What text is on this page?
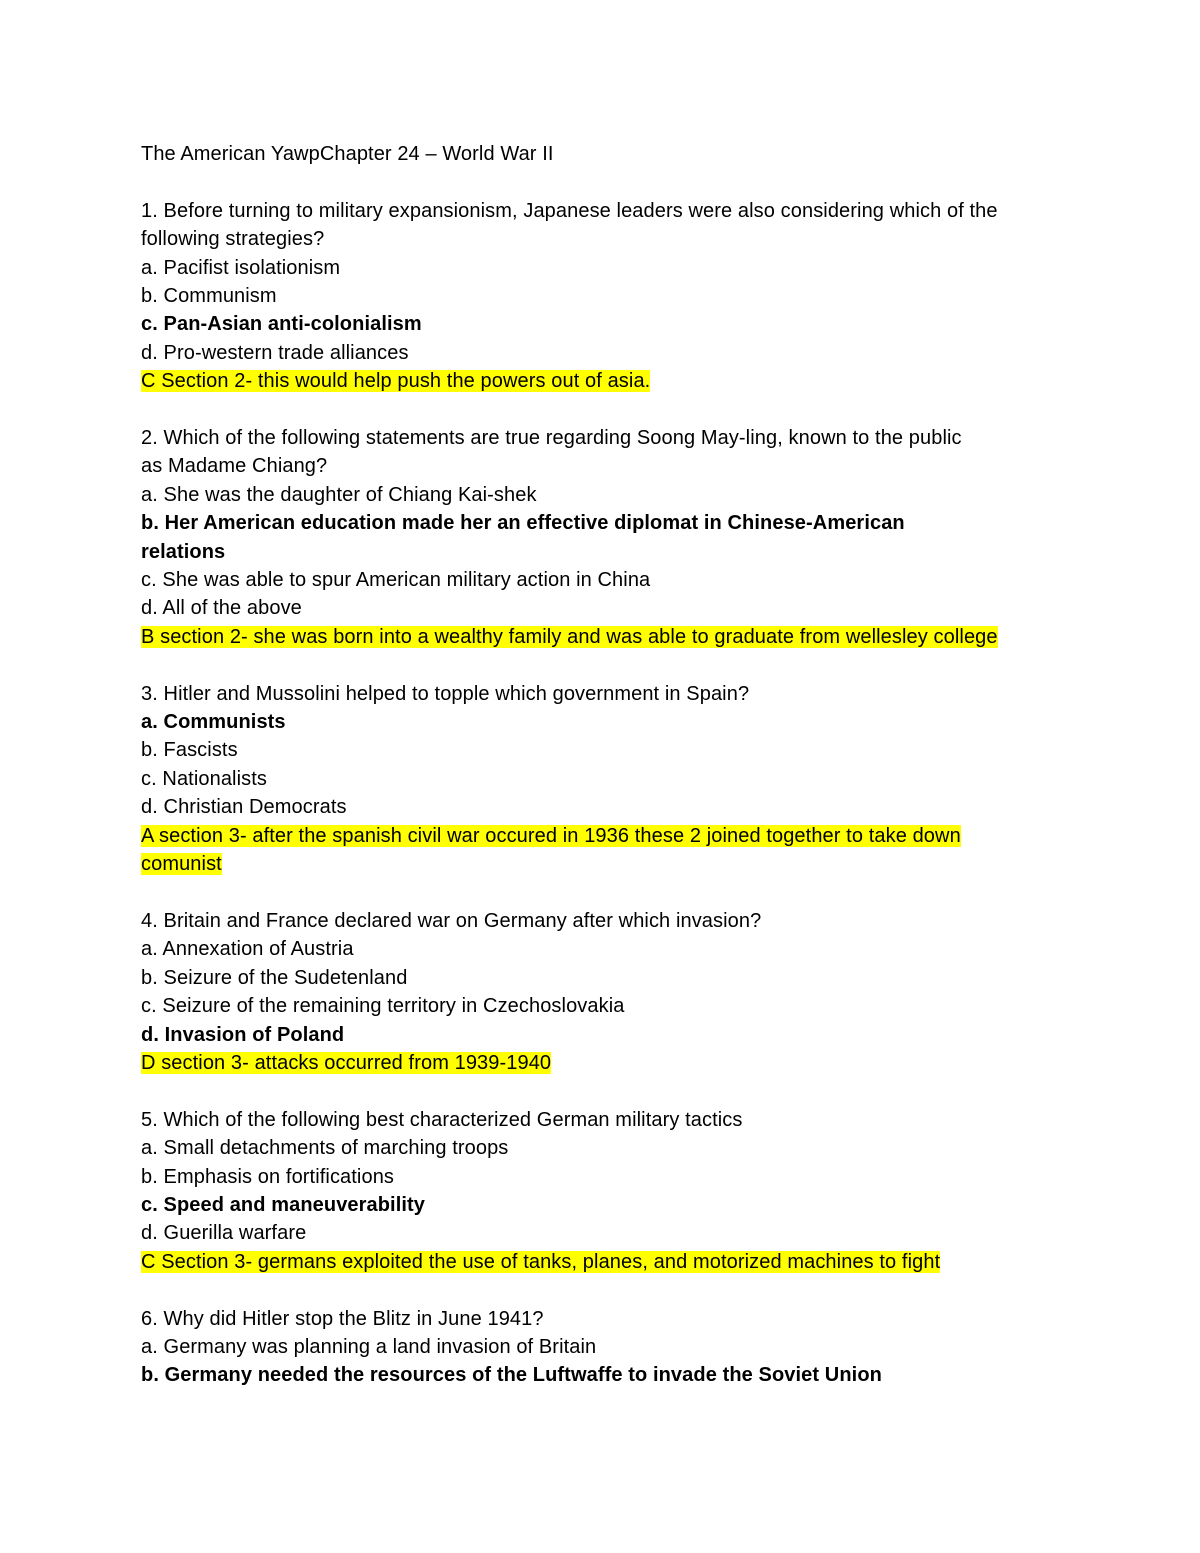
The American YawpChapter 24 – World War II
1. Before turning to military expansionism, Japanese leaders were also considering which of the
following strategies?
a. Pacifist isolationism
b. Communism
c. Pan-Asian anti-colonialism
d. Pro-western trade alliances
C Section 2- this would help push the powers out of asia.
2. Which of the following statements are true regarding Soong May-ling, known to the public
as Madame Chiang?
a. She was the daughter of Chiang Kai-shek
b. Her American education made her an effective diplomat in Chinese-American
relations
c. She was able to spur American military action in China
d. All of the above
B section 2- she was born into a wealthy family and was able to graduate from wellesley college
3. Hitler and Mussolini helped to topple which government in Spain?
a. Communists
b. Fascists
c. Nationalists
d. Christian Democrats
A section 3- after the spanish civil war occured in 1936 these 2 joined together to take down
comunist
4. Britain and France declared war on Germany after which invasion?
a. Annexation of Austria
b. Seizure of the Sudetenland
c. Seizure of the remaining territory in Czechoslovakia
d. Invasion of Poland
D section 3- attacks occurred from 1939-1940
5. Which of the following best characterized German military tactics
a. Small detachments of marching troops
b. Emphasis on fortifications
c. Speed and maneuverability
d. Guerilla warfare
C Section 3- germans exploited the use of tanks, planes, and motorized machines to fight
6. Why did Hitler stop the Blitz in June 1941?
a. Germany was planning a land invasion of Britain
b. Germany needed the resources of the Luftwaffe to invade the Soviet Union
